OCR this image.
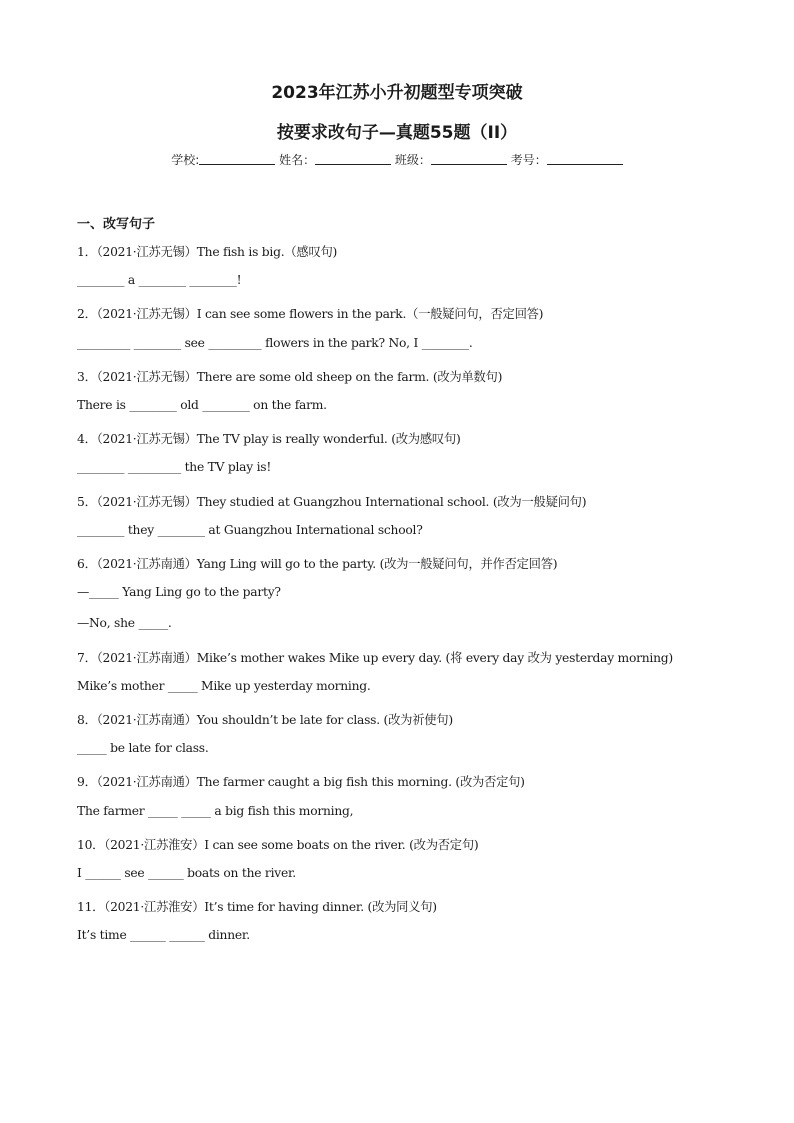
2023年江苏小升初题型专项突破
按要求改句子—真题55题（II）
学校:	姓名：	班级：	考号：
一、改写句子
1．（2021·江苏无锡）The fish is big.（感叹句)
________ a ________ ________!
2．（2021·江苏无锡）I can see some flowers in the park.（一般疑问句，否定回答)
_________ ________ see _________ flowers in the park? No, I ________.
3．（2021·江苏无锡）There are some old sheep on the farm. (改为单数句)
There is ________ old ________ on the farm.
4．（2021·江苏无锡）The TV play is really wonderful. (改为感叹句)
________ _________ the TV play is!
5．（2021·江苏无锡）They studied at Guangzhou International school. (改为一般疑问句)
________ they ________ at Guangzhou International school?
6．（2021·江苏南通）Yang Ling will go to the party. (改为一般疑问句，并作否定回答)
—_____ Yang Ling go to the party?
—No, she _____.
7．（2021·江苏南通）Mike’s mother wakes Mike up every day. (将 every day 改为 yesterday morning)
Mike’s mother _____ Mike up yesterday morning.
8．（2021·江苏南通）You shouldn’t be late for class. (改为祈使句)
_____ be late for class.
9．（2021·江苏南通）The farmer caught a big fish this morning. (改为否定句)
The farmer _____ _____ a big fish this morning,
10．（2021·江苏淮安）I can see some boats on the river. (改为否定句)
I ______ see ______ boats on the river.
11．（2021·江苏淮安）It’s time for having dinner. (改为同义句)
It’s time ______ ______ dinner.
